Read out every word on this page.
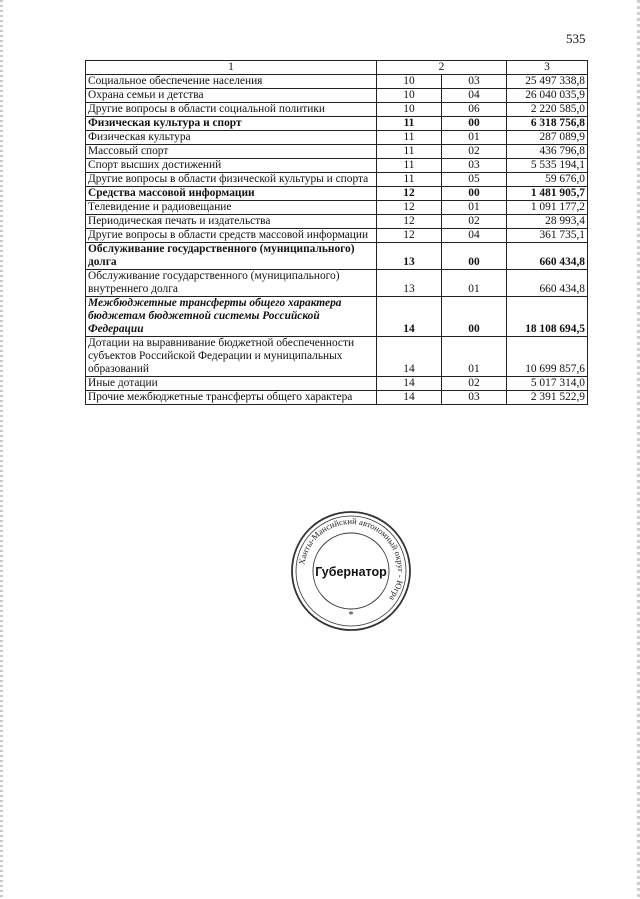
535
1	2		3
Социальное обеспечение населения	10	03	25 497 338,8
Охрана семьи и детства	10	04	26 040 035,9
Другие вопросы в области социальной политики	10	06	2 220 585,0
Физическая культура и спорт	11	00	6 318 756,8
Физическая культура	11	01	287 089,9
Массовый спорт	11	02	436 796,8
Спорт высших достижений	11	03	5 535 194,1
Другие вопросы в области физической культуры и спорта	11	05	59 676,0
Средства массовой информации	12	00	1 481 905,7
Телевидение и радиовещание	12	01	1 091 177,2
Периодическая печать и издательства	12	02	28 993,4
Другие вопросы в области средств массовой информации	12	04	361 735,1
Обслуживание государственного (муниципального) долга	13	00	660 434,8
Обслуживание государственного (муниципального) внутреннего долга	13	01	660 434,8
Межбюджетные трансферты общего характера бюджетам бюджетной системы Российской Федерации	14	00	18 108 694,5
Дотации на выравнивание бюджетной обеспеченности субъектов Российской Федерации и муниципальных образований	14	01	10 699 857,6
Иные дотации	14	02	5 017 314,0
Прочие межбюджетные трансферты общего характера	14	03	2 391 522,9
Ханты-Мансийский автономный округ - Югра
Губернатор
*
